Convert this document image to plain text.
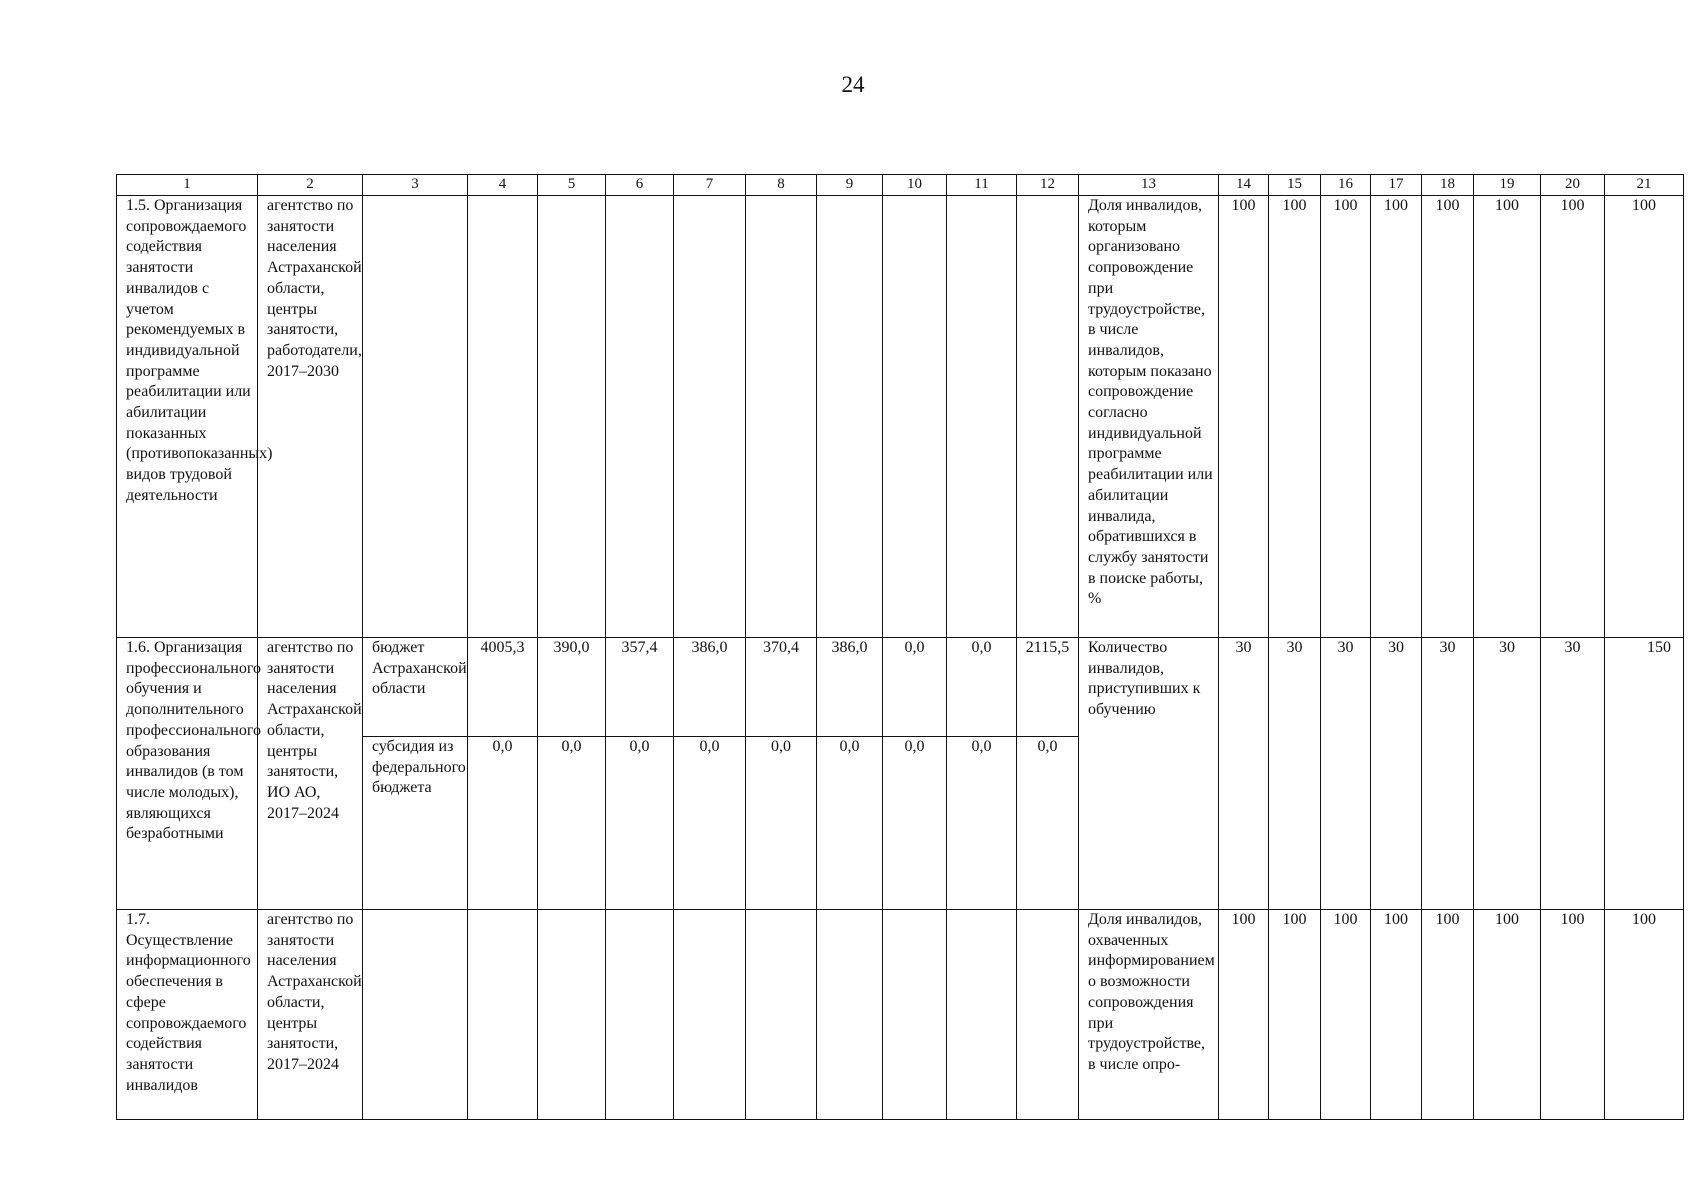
24
1	2	3	4	5	6	7	8	9	10	11	12	13	14	15	16	17	18	19	20	21
1.5. Организация сопровождаемого содействия занятости инвалидов с учетом рекомендуемых в индивидуальной программе реабилитации или абилитации показанных (противопоказанных) видов трудовой деятельности	агентство по занятости населения Астраханской области, центры занятости, работодатели, 2017–2030											Доля инвалидов, которым организовано сопровождение при трудоустройстве, в числе инвалидов, которым показано сопровождение согласно индивидуальной программе реабилитации или абилитации инвалида, обратившихся в службу занятости в поиске работы, %	100	100	100	100	100	100	100	100
1.6. Организация профессионального обучения и дополнительного профессионального образования инвалидов (в том числе молодых), являющихся безработными	агентство по занятости населения Астраханской области, центры занятости, ИО АО, 2017–2024	бюджет Астраханской области	4005,3	390,0	357,4	386,0	370,4	386,0	0,0	0,0	2115,5	Количество инвалидов, приступивших к обучению	30	30	30	30	30	30	30	150
		субсидия из федерального бюджета	0,0	0,0	0,0	0,0	0,0	0,0	0,0	0,0	0,0									
1.7. Осуществление информационного обеспечения в сфере сопровождаемого содействия занятости инвалидов	агентство по занятости населения Астраханской области, центры занятости, 2017–2024											Доля инвалидов, охваченных информированием о возможности сопровождения при трудоустройстве, в числе опро-	100	100	100	100	100	100	100	100
